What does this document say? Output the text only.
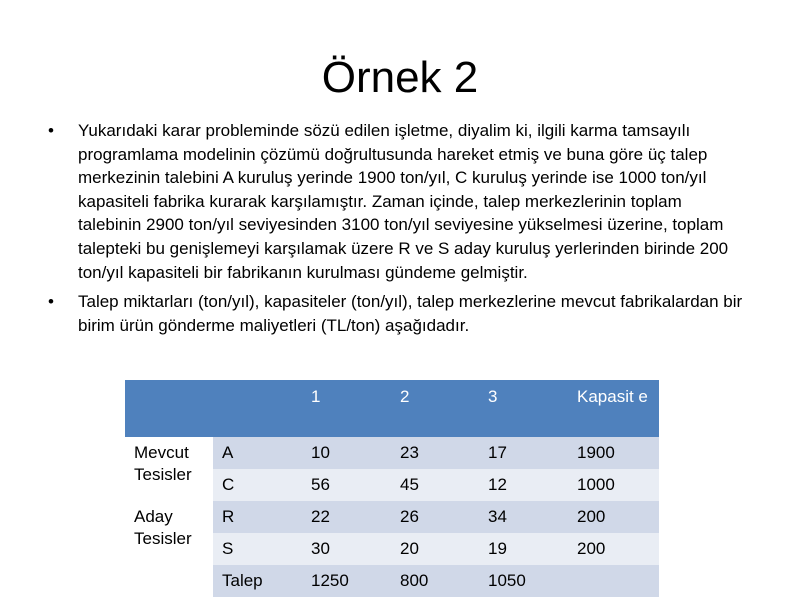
Örnek 2
• Yukarıdaki karar probleminde sözü edilen işletme, diyalim ki, ilgili karma tamsayılı programlama modelinin çözümü doğrultusunda hareket etmiş ve buna göre üç talep merkezinin talebini A kuruluş yerinde 1900 ton/yıl, C kuruluş yerinde ise 1000 ton/yıl kapasiteli fabrika kurarak karşılamıştır. Zaman içinde, talep merkezlerinin toplam talebinin 2900 ton/yıl seviyesinden 3100 ton/yıl seviyesine yükselmesi üzerine, toplam talepteki bu genişlemeyi karşılamak üzere R ve S aday kuruluş yerlerinden birinde 200 ton/yıl kapasiteli bir fabrikanın kurulması gündeme gelmiştir.
• Talep miktarları (ton/yıl), kapasiteler (ton/yıl), talep merkezlerine mevcut fabrikalardan bir birim ürün gönderme maliyetleri (TL/ton) aşağıdadır.
		1	2	3	Kapasit e
Mevcut Tesisler	A	10	23	17	1900
	C	56	45	12	1000
Aday Tesisler	R	22	26	34	200
	S	30	20	19	200
	Talep	1250	800	1050	
